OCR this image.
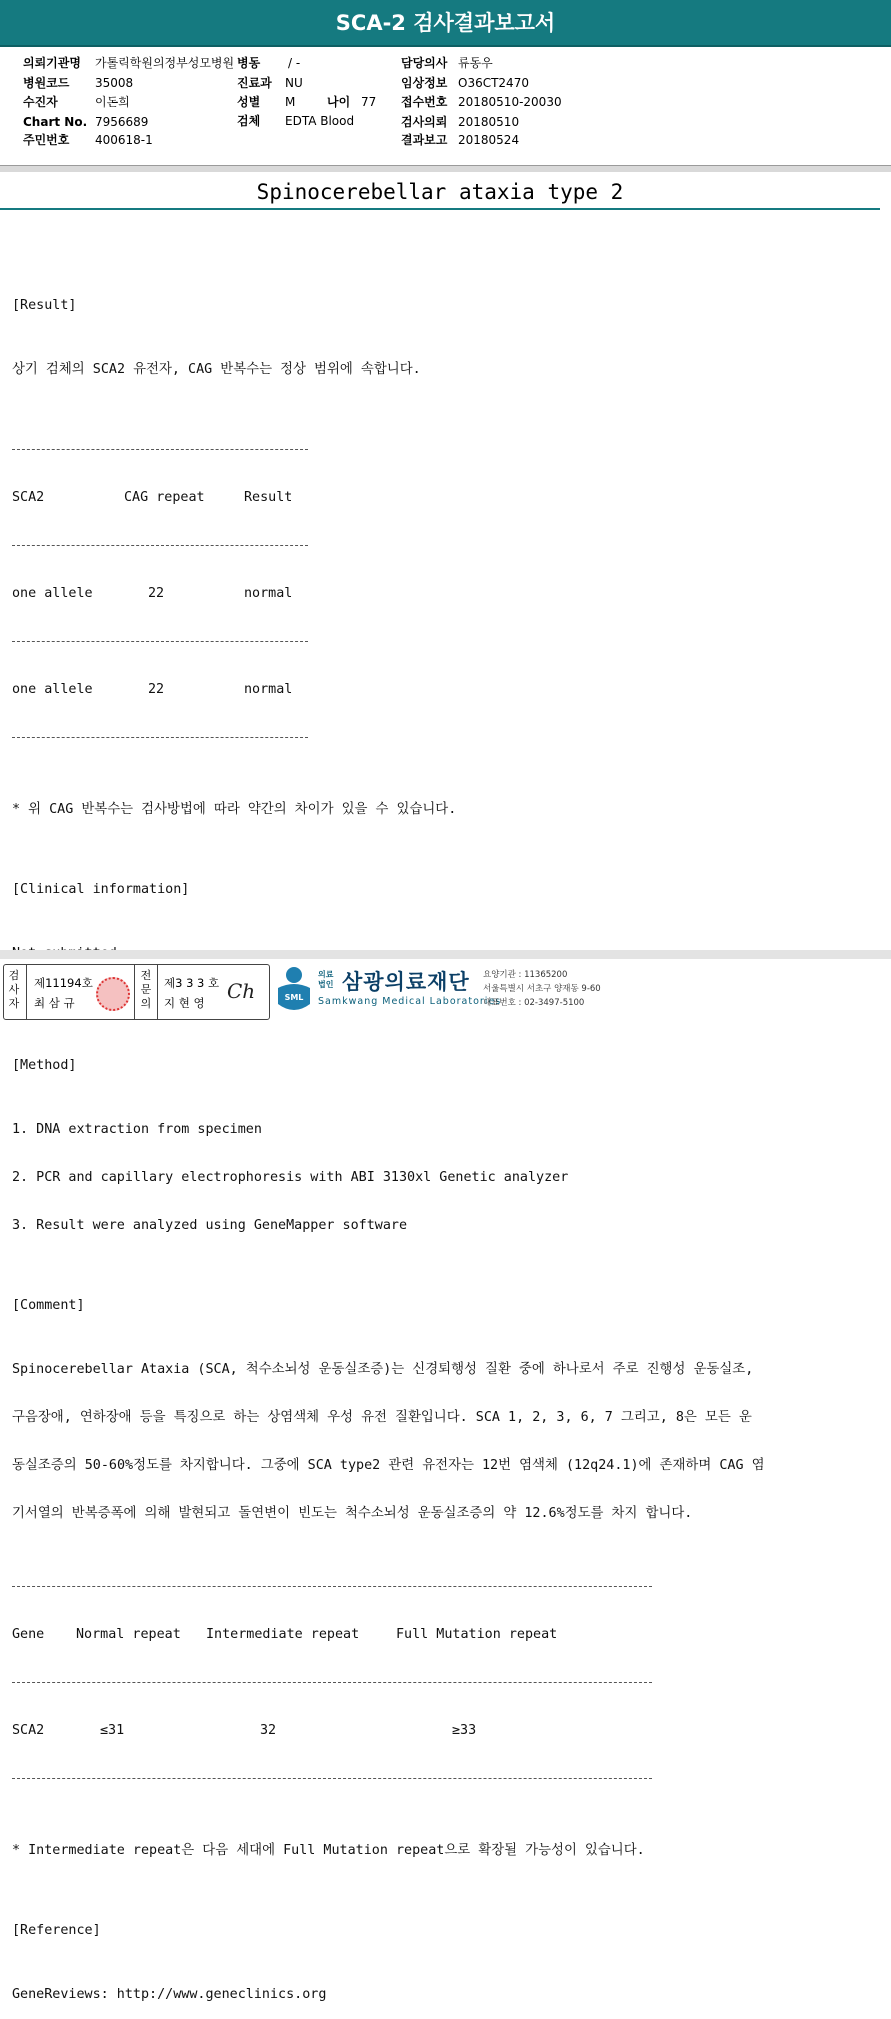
SCA-2 검사결과보고서
의뢰기관명 가톨릭학원의정부성모병원 병동 / -	담당의사 류동우
병원코드 35008	진료과 NU	임상정보 O36CT2470
수진자	이돈희	성별 M	나이 77 접수번호 20180510-20030
Chart No. 7956689	검체 EDTA Blood	검사의뢰 20180510
주민번호 400618-1	결과보고 20180524
Spinocerebellar ataxia type 2

[Result]

상기 검체의 SCA2 유전자, CAG 반복수는 정상 범위에 속합니다.

SCA2	CAG repeat	Result

one allele	22	normal

one allele	22	normal

* 위 CAG 반복수는 검사방법에 따라 약간의 차이가 있을 수 있습니다.

[Clinical information]

[Method]

1. DNA extraction from specimen

2. PCR and capillary electrophoresis with ABI 3130xl Genetic analyzer

3. Result were analyzed using GeneMapper software

[Comment]

Spinocerebellar Ataxia (SCA, 척수소뇌성 운동실조증)는 신경퇴행성 질환 중에 하나로서 주로 진행성 운동실조,

구음장애, 연하장애 등을 특징으로 하는 상염색체 우성 유전 질환입니다. SCA 1, 2, 3, 6, 7 그리고, 8은 모든 운

동실조증의 50-60%정도를 차지합니다. 그중에 SCA type2 관련 유전자는 12번 염색체 (12q24.1)에 존재하며 CAG 염

기서열의 반복증폭에 의해 발현되고 돌연변이 빈도는 척수소뇌성 운동실조증의 약 12.6%정도를 차지 합니다.

Gene	Normal repeat	Intermediate repeat	Full Mutation repeat

SCA2	≤31	32	≥33

* Intermediate repeat은 다음 세대에 Full Mutation repeat으로 확장될 가능성이 있습니다.

[Reference]

GeneReviews: http://www.geneclinics.org

검사자
제11194호
최 삼 규
전문의
제3 3 3 호
지 현 영 Ch	SML
의료 법인 삼광의료재단
Samkwang Medical Laboratories
요양기관 : 11365200
서울특별시 서초구 양재동 9-60
대표번호 : 02-3497-5100
